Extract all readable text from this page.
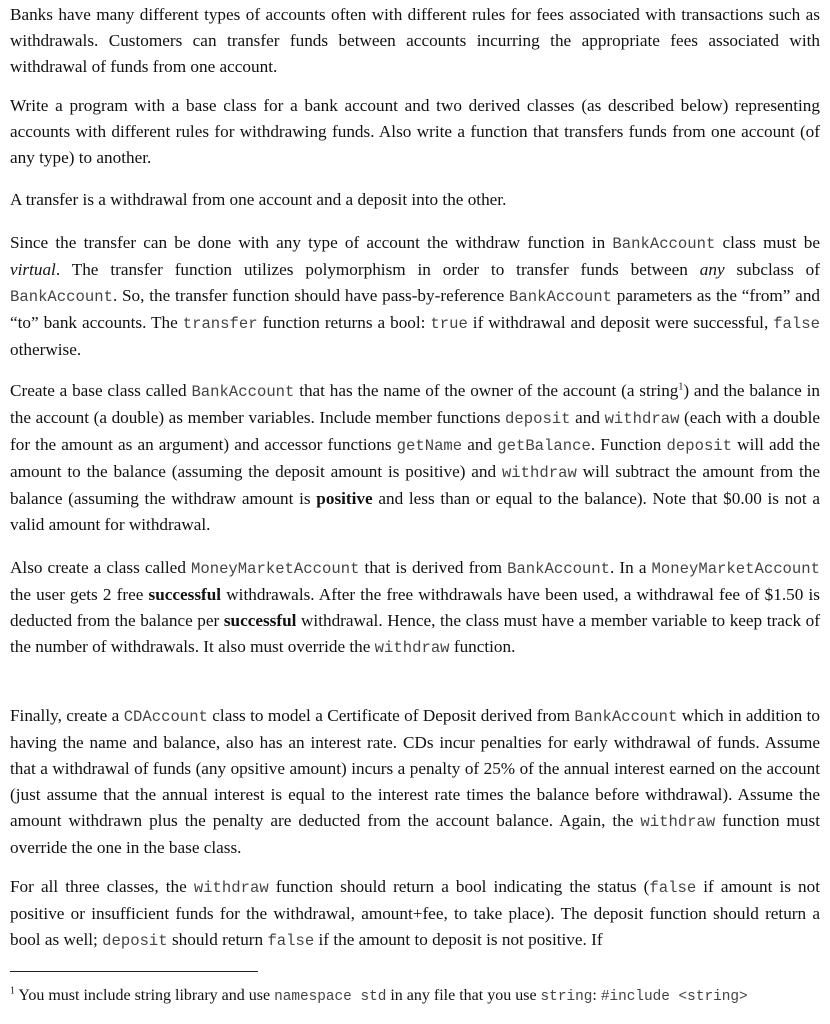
Banks have many different types of accounts often with different rules for fees associated with transactions such as withdrawals. Customers can transfer funds between accounts incurring the appropriate fees associated with withdrawal of funds from one account.

Write a program with a base class for a bank account and two derived classes (as described below) representing accounts with different rules for withdrawing funds. Also write a function that transfers funds from one account (of any type) to another.

A transfer is a withdrawal from one account and a deposit into the other.

Since the transfer can be done with any type of account the withdraw function in BankAccount class must be virtual. The transfer function utilizes polymorphism in order to transfer funds between any subclass of BankAccount. So, the transfer function should have pass-by-reference BankAccount parameters as the “from” and “to” bank accounts. The transfer function returns a bool: true if withdrawal and deposit were successful, false otherwise.

Create a base class called BankAccount that has the name of the owner of the account (a string$^1$) and the balance in the account (a double) as member variables. Include member functions deposit and withdraw (each with a double for the amount as an argument) and accessor functions getName and getBalance. Function deposit will add the amount to the balance (assuming the deposit amount is positive) and withdraw will subtract the amount from the balance (assuming the withdraw amount is positive and less than or equal to the balance). Note that $0.00 is not a valid amount for withdrawal.

Also create a class called MoneyMarketAccount that is derived from BankAccount. In a MoneyMarketAccount the user gets 2 free successful withdrawals. After the free withdrawals have been used, a withdrawal fee of $1.50 is deducted from the balance per successful withdrawal. Hence, the class must have a member variable to keep track of the number of withdrawals. It also must override the withdraw function.

Finally, create a CDAccount class to model a Certificate of Deposit derived from BankAccount which in addition to having the name and balance, also has an interest rate. CDs incur penalties for early withdrawal of funds. Assume that a withdrawal of funds (any opsitive amount) incurs a penalty of 25% of the annual interest earned on the account (just assume that the annual interest is equal to the interest rate times the balance before withdrawal). Assume the amount withdrawn plus the penalty are deducted from the account balance. Again, the withdraw function must override the one in the base class.

For all three classes, the withdraw function should return a bool indicating the status (false if amount is not positive or insufficient funds for the withdrawal, amount+fee, to take place). The deposit function should return a bool as well; deposit should return false if the amount to deposit is not positive. If

$^1$ You must include string library and use namespace std in any file that you use string: #include <string>
